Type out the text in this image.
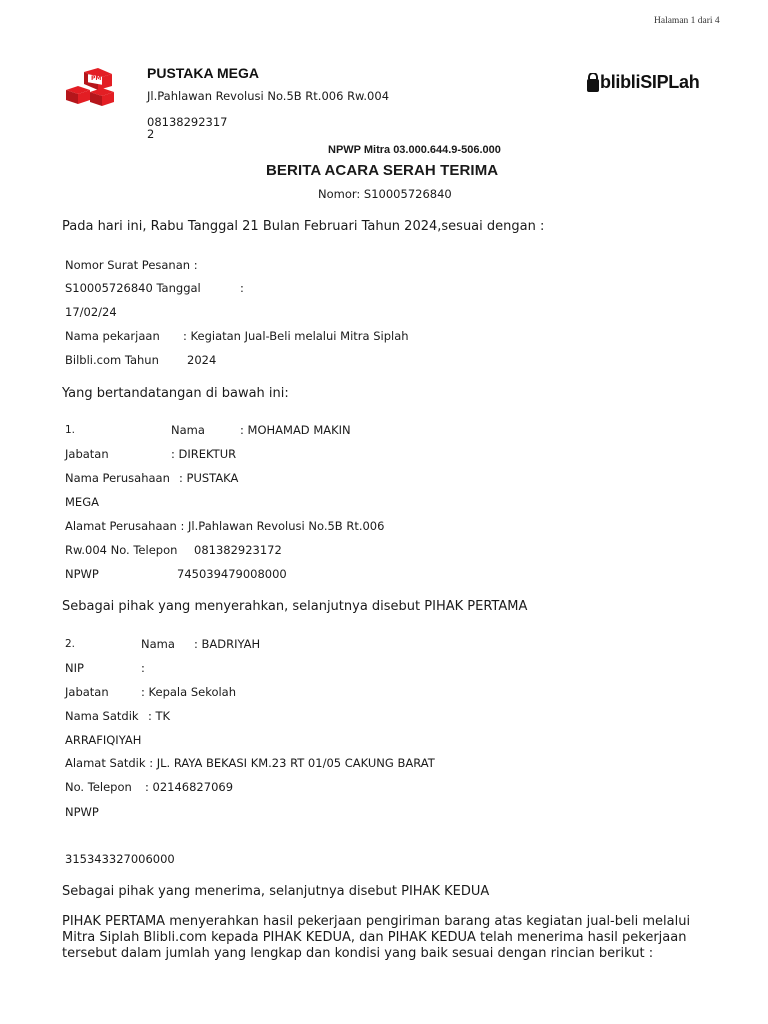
Halaman 1 dari 4
PM	PUSTAKA MEGA
Jl.Pahlawan Revolusi No.5B Rt.006 Rw.004
08138292317
2
blibliSIPLah
NPWP Mitra 03.000.644.9-506.000
BERITA ACARA SERAH TERIMA
Nomor: S10005726840
Pada hari ini, Rabu Tanggal 21 Bulan Februari Tahun 2024,sesuai dengan :
Nomor Surat Pesanan :
S10005726840 Tanggal	:
17/02/24
Nama pekarjaan : Kegiatan Jual-Beli melalui Mitra Siplah
Bilbli.com Tahun 2024
Yang bertandatangan di bawah ini:
1.	Nama	: MOHAMAD MAKIN
Jabatan	: DIREKTUR
Nama Perusahaan : PUSTAKA
MEGA
Alamat Perusahaan : Jl.Pahlawan Revolusi No.5B Rt.006
Rw.004 No. Telepon 081382923172
NPWP	745039479008000
Sebagai pihak yang menyerahkan, selanjutnya disebut PIHAK PERTAMA
2.	Nama : BADRIYAH
NIP	:
Jabatan	: Kepala Sekolah
Nama Satdik : TK
ARRAFIQIYAH
Alamat Satdik : JL. RAYA BEKASI KM.23 RT 01/05 CAKUNG BARAT
No. Telepon : 02146827069
NPWP
315343327006000
Sebagai pihak yang menerima, selanjutnya disebut PIHAK KEDUA
PIHAK PERTAMA menyerahkan hasil pekerjaan pengiriman barang atas kegiatan jual-beli melalui Mitra Siplah Blibli.com kepada PIHAK KEDUA, dan PIHAK KEDUA telah menerima hasil pekerjaan tersebut dalam jumlah yang lengkap dan kondisi yang baik sesuai dengan rincian berikut :
